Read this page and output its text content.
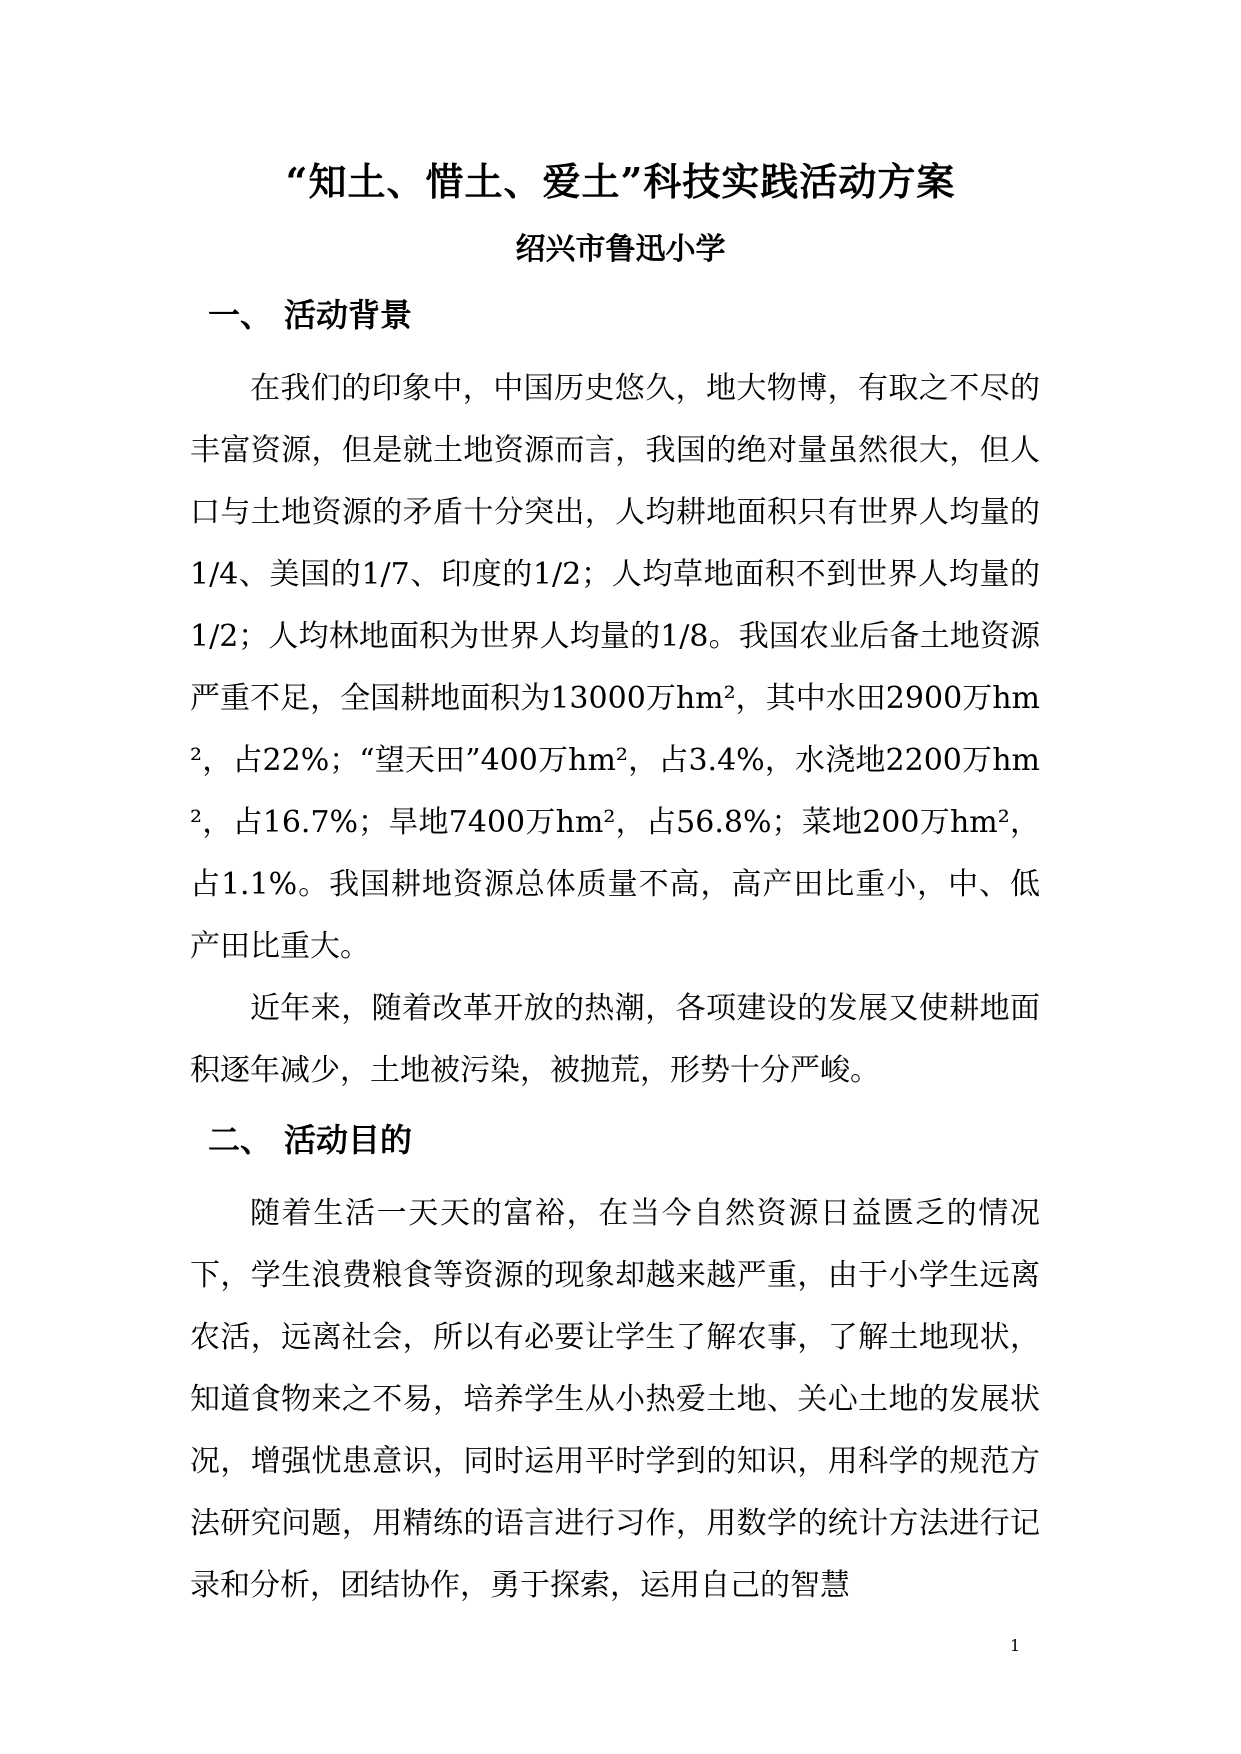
“知土、惜土、爱土”科技实践活动方案
绍兴市鲁迅小学
一、 活动背景
在我们的印象中，中国历史悠久，地大物博，有取之不尽的丰富资源，但是就土地资源而言，我国的绝对量虽然很大，但人口与土地资源的矛盾十分突出，人均耕地面积只有世界人均量的1/4、美国的1/7、印度的1/2；人均草地面积不到世界人均量的1/2；人均林地面积为世界人均量的1/8。我国农业后备土地资源严重不足，全国耕地面积为13000万hm²，其中水田2900万hm²，占22%；“望天田”400万hm²，占3.4%，水浇地2200万hm²，占16.7%；旱地7400万hm²，占56.8%；菜地200万hm²，占1.1%。我国耕地资源总体质量不高，高产田比重小，中、低产田比重大。
近年来，随着改革开放的热潮，各项建设的发展又使耕地面积逐年减少，土地被污染，被抛荒，形势十分严峻。
二、 活动目的
随着生活一天天的富裕，在当今自然资源日益匮乏的情况下，学生浪费粮食等资源的现象却越来越严重，由于小学生远离农活，远离社会，所以有必要让学生了解农事，了解土地现状，知道食物来之不易，培养学生从小热爱土地、关心土地的发展状况，增强忧患意识，同时运用平时学到的知识，用科学的规范方法研究问题，用精练的语言进行习作，用数学的统计方法进行记录和分析，团结协作，勇于探索，运用自己的智慧
1
